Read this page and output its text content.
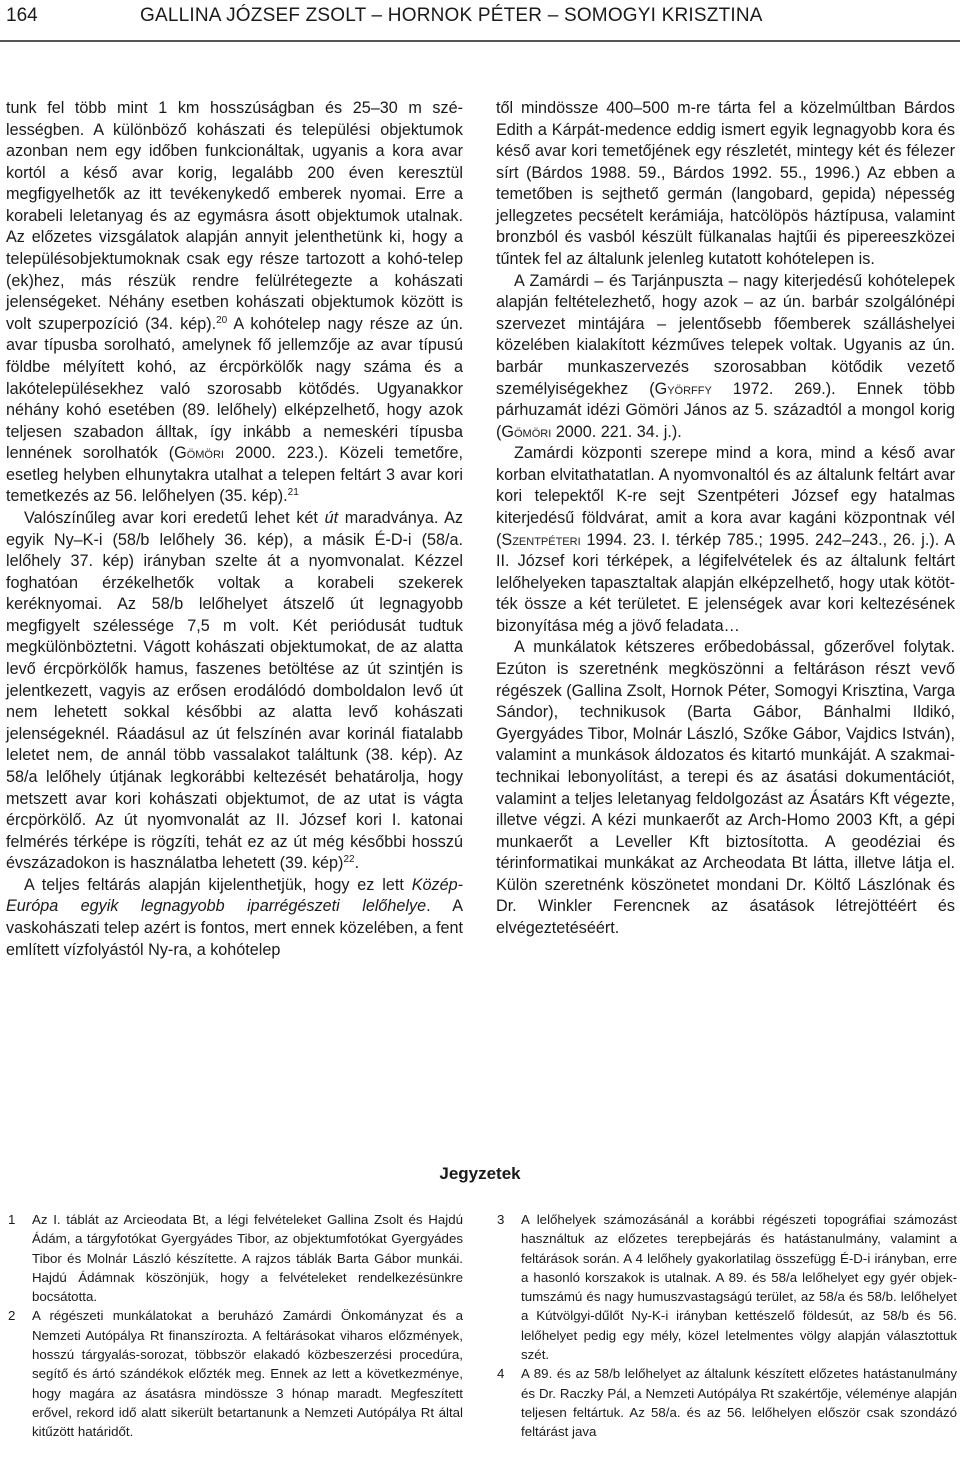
164	GALLINA JÓZSEF ZSOLT – HORNOK PÉTER – SOMOGYI KRISZTINA

tunk fel több mint 1 km hosszúságban és 25–30 m szélességben. A különböző kohászati és települési objektumok azonban nem egy időben funkcionáltak, ugyanis a kora avar kortól a késő avar korig, legalább 200 éven keresztül megfigyelhetők az itt tevékenykedő emberek nyomai. Erre a korabeli leletanyag és az egymásra ásott objektumok utalnak. Az előzetes vizsgálatok alapján annyit jelenthetünk ki, hogy a településobjektumoknak csak egy része tartozott a kohó-telep (ek)hez, más részük rendre felülrétegezte a kohászati jelenségeket. Néhány esetben kohászati objektumok között is volt szuperpozíció (34. kép).$^{20}$ A kohótelep nagy része az ún. avar típusba sorolható, amelynek fő jellemzője az avar típusú földbe mélyített kohó, az ércpörkölők nagy száma és a lakótelepülésekhez való szorosabb kötődés. Ugyanakkor néhány kohó esetében (89. lelőhely) elképzelhető, hogy azok teljesen szabadon álltak, így inkább a nemeskéri típusba lennének sorolhatók (Gömöri 2000. 223.). Közeli temetőre, esetleg helyben elhunytakra utalhat a telepen feltárt 3 avar kori temetkezés az 56. lelőhelyen (35. kép).$^{21}$

Valószínűleg avar kori eredetű lehet két út maradványa. Az egyik Ny–K-i (58/b lelőhely 36. kép), a másik É-D-i (58/a. lelőhely 37. kép) irányban szelte át a nyomvonalat. Kézzel foghatóan érzékelhetők voltak a korabeli szekerek keréknyomai. Az 58/b lelőhelyet átszelő út legnagyobb megfigyelt szélessége 7,5 m volt. Két periódusát tudtuk megkülönböztetni. Vágott kohászati objektumokat, de az alatta levő ércpörkölők hamus, faszenes betöltése az út szintjén is jelentkezett, vagyis az erősen erodálódó domboldalon levő út nem lehetett sokkal későbbi az alatta levő kohászati jelenségeknél. Ráadásul az út felszínén avar korinál fiatalabb leletet nem, de annál több vassalakot találtunk (38. kép). Az 58/a lelőhely útjának legkorábbi keltezését behatárolja, hogy metszett avar kori kohászati objektumot, de az utat is vágta ércpörkölő. Az út nyomvonalát az II. József kori I. katonai felmérés térképe is rögzíti, tehát ez az út még későbbi hosszú évszázadokon is használatba lehetett (39. kép)$^{22}$.

A teljes feltárás alapján kijelenthetjük, hogy ez lett Közép-Európa egyik legnagyobb iparrégészeti lelőhelye. A vaskohászati telep azért is fontos, mert ennek közelében, a fent említett vízfolyástól Ny-ra, a kohótelep

től mindössze 400–500 m-re tárta fel a közelmúltban Bárdos Edith a Kárpát-medence eddig ismert egyik legnagyobb kora és késő avar kori temetőjének egy részletét, mintegy két és félezer sírt (Bárdos 1988. 59., Bárdos 1992. 55., 1996.) Az ebben a temetőben is sejthető germán (langobard, gepida) népesség jellegzetes pecsételt kerámiája, hatcölöpös háztípusa, valamint bronzból és vasból készült fülkanalas hajtűi és pipereeszközei tűntek fel az általunk jelenleg kutatott kohótelepen is.

A Zamárdi – és Tarjánpuszta – nagy kiterjedésű kohótelepek alapján feltételezhető, hogy azok – az ún. barbár szolgálónépi szervezet mintájára – jelentősebb főemberek szálláshelyei közelében kialakított kézműves telepek voltak. Ugyanis az ún. barbár munkaszervezés szorosabban kötődik vezető személyiségekhez (Györffy 1972. 269.). Ennek több párhuzamát idézi Gömöri János az 5. századtól a mongol korig (Gömöri 2000. 221. 34. j.).

Zamárdi központi szerepe mind a kora, mind a késő avar korban elvitathatatlan. A nyomvonaltól és az általunk feltárt avar kori telepektől K-re sejt Szentpéteri József egy hatalmas kiterjedésű földvárat, amit a kora avar kagáni központnak vél (Szentpéteri 1994. 23. I. térkép 785.; 1995. 242–243., 26. j.). A II. József kori térképek, a légifelvételek és az általunk feltárt lelőhelyeken tapasztaltak alapján elképzelhető, hogy utak kötötték össze a két területet. E jelenségek avar kori keltezésének bizonyítása még a jövő feladata…

A munkálatok kétszeres erőbedobással, gőzerővel folytak. Ezúton is szeretnénk megköszönni a feltáráson részt vevő régészek (Gallina Zsolt, Hornok Péter, Somogyi Krisztina, Varga Sándor), technikusok (Barta Gábor, Bánhalmi Ildikó, Gyergyádes Tibor, Molnár László, Szőke Gábor, Vajdics István), valamint a munkások áldozatos és kitartó munkáját. A szakmai-technikai lebonyolítást, a terepi és az ásatási dokumentációt, valamint a teljes leletanyag feldolgozást az Ásatárs Kft végezte, illetve végzi. A kézi munkaerőt az Arch-Homo 2003 Kft, a gépi munkaerőt a Leveller Kft biztosította. A geodéziai és térinformatikai munkákat az Archeodata Bt látta, illetve látja el. Külön szeretnénk köszönetet mondani Dr. Költő Lászlónak és Dr. Winkler Ferencnek az ásatások létrejöttéért és elvégeztetéséért.

Jegyzetek
1	Az I. táblát az Arcieodata Bt, a légi felvételeket Gallina Zsolt és Hajdú Ádám, a tárgyfotókat Gyergyádes Tibor, az objektumfotókat Gyergyádes Tibor és Molnár László készítette. A rajzos táblák Barta Gábor munkái. Hajdú Ádámnak köszönjük, hogy a felvételeket rendelkezésünkre bocsátotta.
2	A régészeti munkálatokat a beruházó Zamárdi Önkományzat és a Nemzeti Autópálya Rt finanszírozta. A feltárásokat viharos előzmények, hosszú tárgyalás-sorozat, többször elakadó közbeszerzési procedúra, segítő és ártó szándékok előzték meg. Ennek az lett a következménye, hogy magára az ásatásra mindössze 3 hónap maradt. Megfeszített erővel, rekord idő alatt sikerült betartanunk a Nemzeti Autópálya Rt által kitűzött határidőt.
3	A lelőhelyek számozásánál a korábbi régészeti topográfiai számozást használtuk az előzetes terepbejárás és hatástanulmány, valamint a feltárások során. A 4 lelőhely gyakorlatilag összefügg É-D-i irányban, erre a hasonló korszakok is utalnak. A 89. és 58/a lelőhelyet egy gyér objektumszámú és nagy humuszvastagságú terület, az 58/a és 58/b. lelőhelyet a Kútvölgyi-dűlőt Ny-K-i irányban kettészelő földesút, az 58/b és 56. lelőhelyet pedig egy mély, közel letelmentes völgy alapján választottuk szét.
4	A 89. és az 58/b lelőhelyet az általunk készített előzetes hatástanulmány és Dr. Raczky Pál, a Nemzeti Autópálya Rt szakértője, véleménye alapján teljesen feltártuk. Az 58/a. és az 56. lelőhelyen először csak szondázó feltárást java
